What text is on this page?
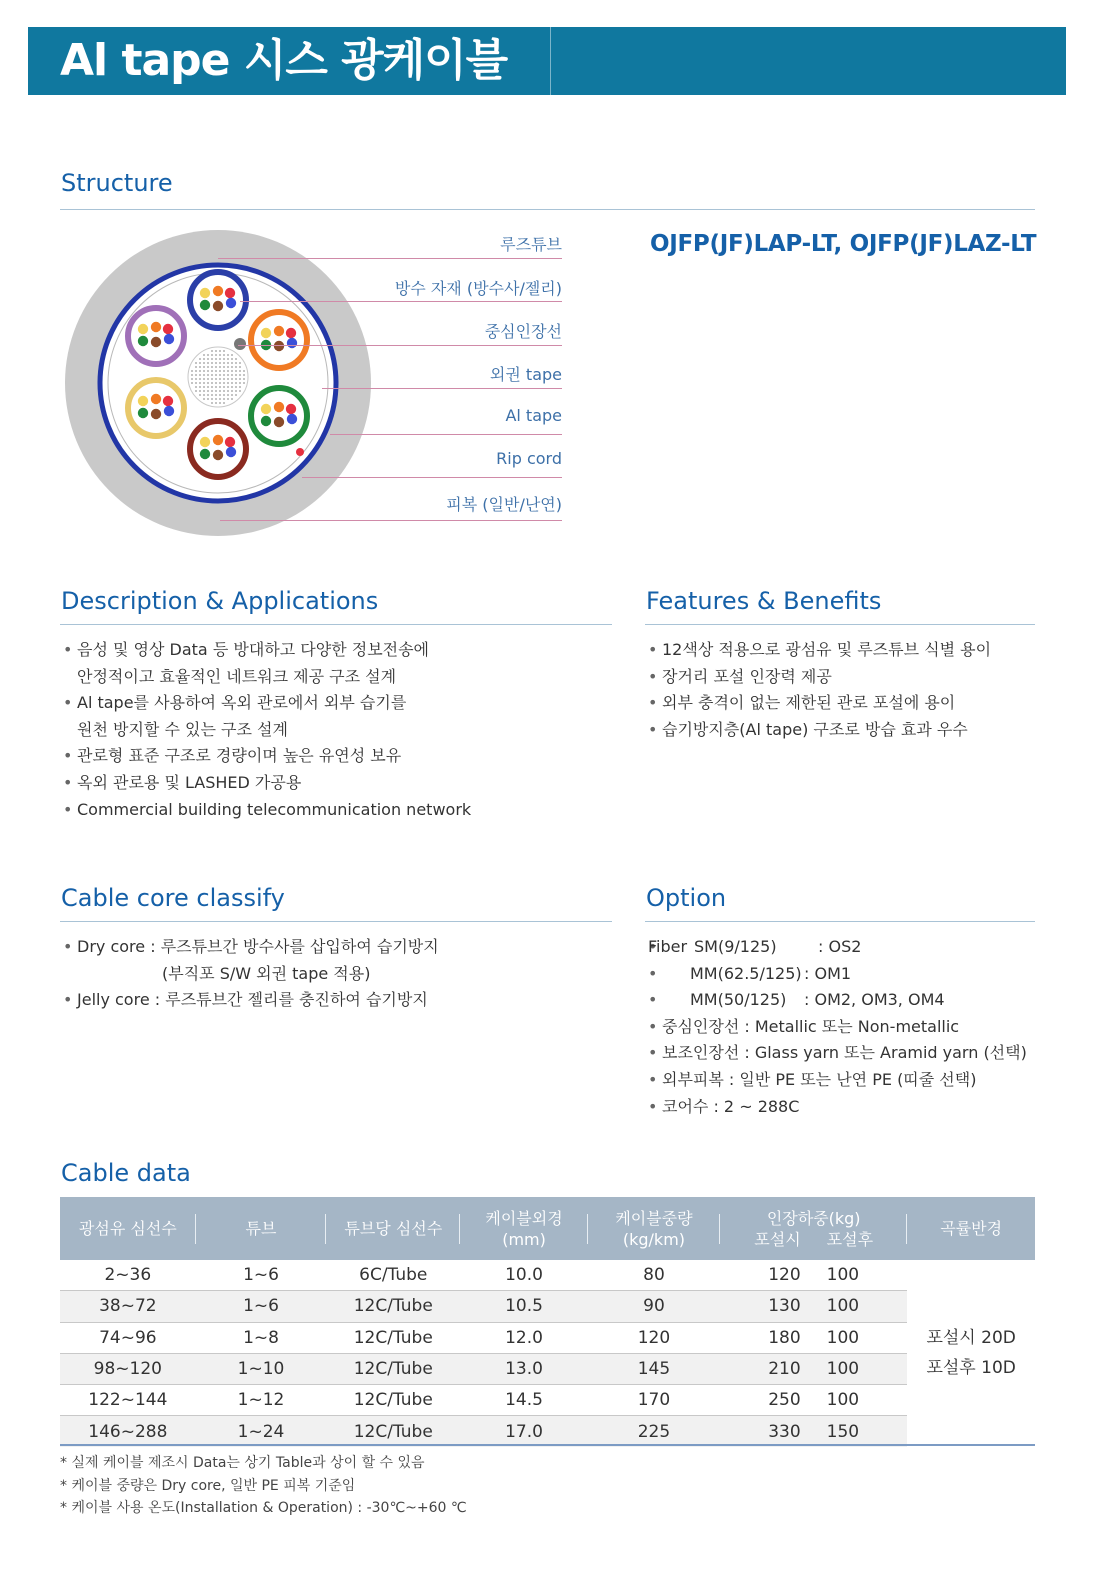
Al tape 시스 광케이블
Structure
루즈튜브
방수 자재 (방수사/젤리)
중심인장선
외권 tape
Al tape
Rip cord
피복 (일반/난연)
OJFP(JF)LAP-LT, OJFP(JF)LAZ-LT
Description & Applications
• 음성 및 영상 Data 등 방대하고 다양한 정보전송에
안정적이고 효율적인 네트워크 제공 구조 설계
• Al tape를 사용하여 옥외 관로에서 외부 습기를
원천 방지할 수 있는 구조 설계
• 관로형 표준 구조로 경량이며 높은 유연성 보유
• 옥외 관로용 및 LASHED 가공용
• Commercial building telecommunication network
Features & Benefits
• 12색상 적용으로 광섬유 및 루즈튜브 식별 용이
• 장거리 포설 인장력 제공
• 외부 충격이 없는 제한된 관로 포설에 용이
• 습기방지층(Al tape) 구조로 방습 효과 우수
Cable core classify
• Dry core : 루즈튜브간 방수사를 삽입하여 습기방지
(부직포 S/W 외권 tape 적용)
• Jelly core : 루즈튜브간 젤리를 충진하여 습기방지
Option
• Fiber SM(9/125)	: OS2
• MM(62.5/125) : OM1
• MM(50/125) : OM2, OM3, OM4
• 중심인장선 : Metallic 또는 Non-metallic
• 보조인장선 : Glass yarn 또는 Aramid yarn (선택)
• 외부피복 : 일반 PE 또는 난연 PE (띠줄 선택)
• 코어수 : 2 ~ 288C
Cable data
광섬유 심선수	튜브	튜브당 심선수	케이블외경
(mm)	케이블중량
(kg/km)	인장하중(kg)
포설시 포설후	곡률반경
2~36	1~6	6C/Tube	10.0	80	120 100	포설시 20D
포설후 10D
38~72	1~6	12C/Tube	10.5	90	130 100	

74~96	1~8	12C/Tube	12.0	120	180 100	

98~120	1~10	12C/Tube	13.0	145	210 100	

122~144	1~12	12C/Tube	14.5	170	250 100	

146~288	1~24	12C/Tube	17.0	225	330 150	
* 실제 케이블 제조시 Data는 상기 Table과 상이 할 수 있음
* 케이블 중량은 Dry core, 일반 PE 피복 기준임
* 케이블 사용 온도(Installation & Operation) : -30℃~+60 ℃
